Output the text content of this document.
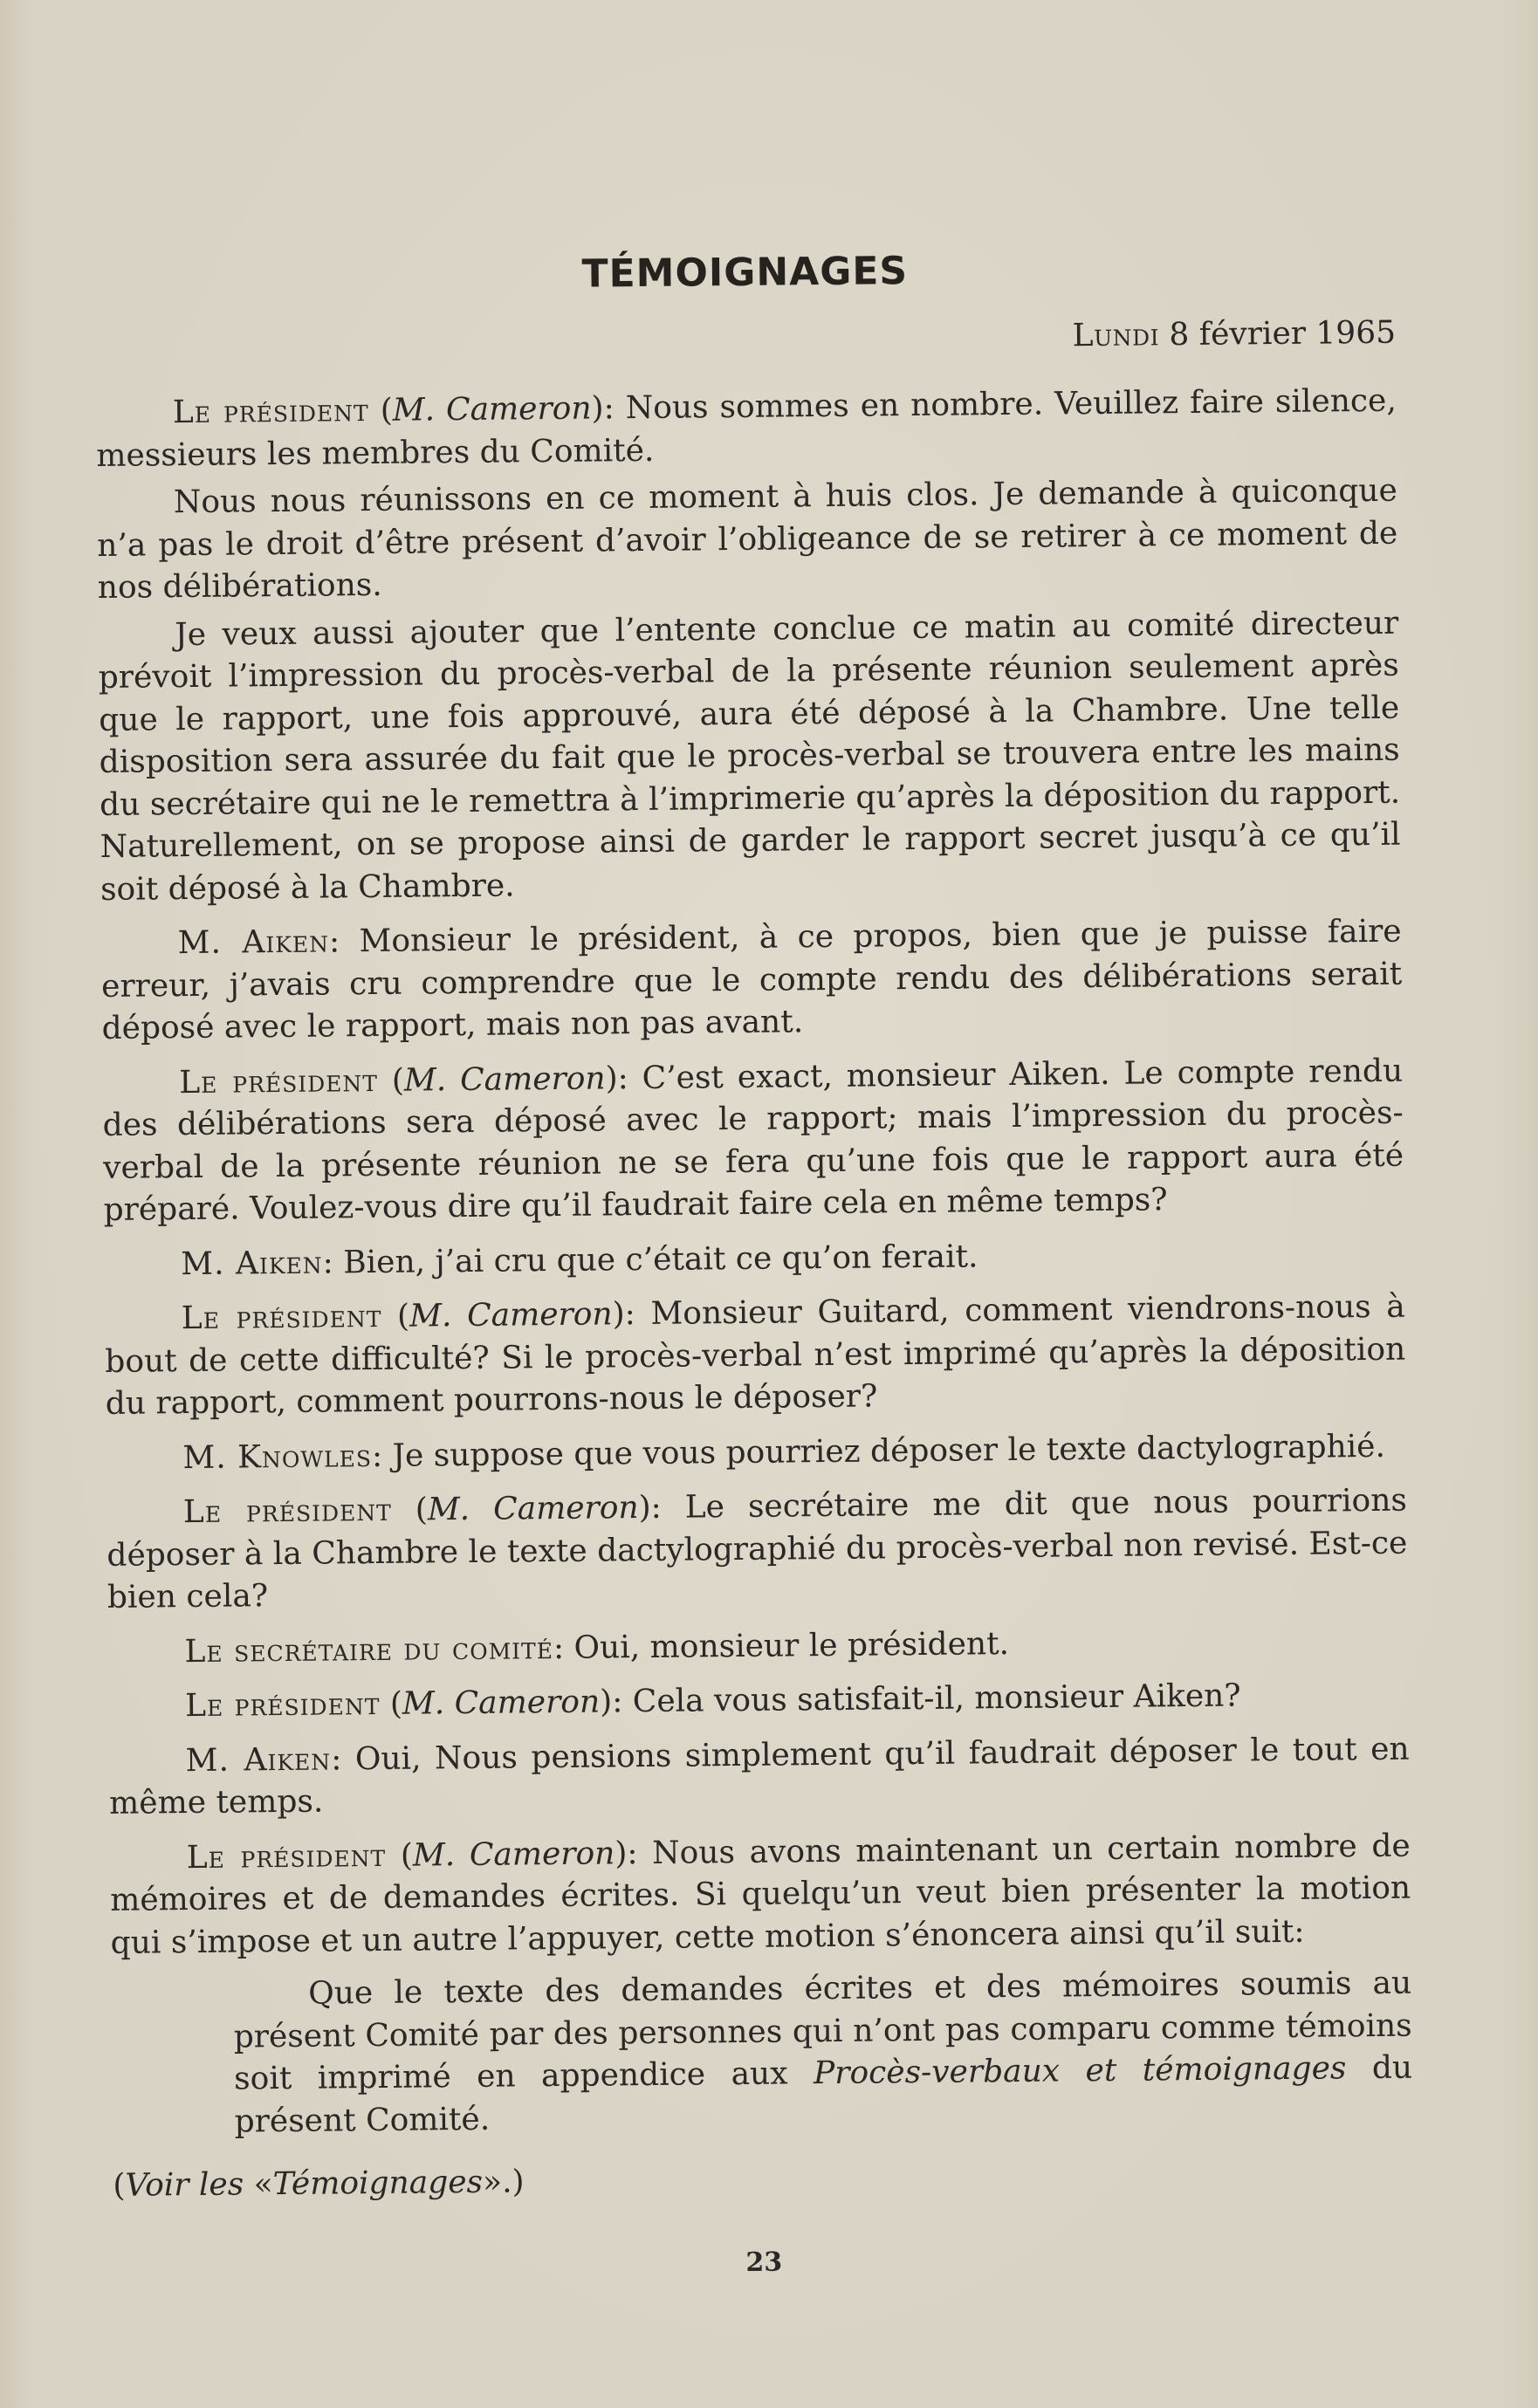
TÉMOIGNAGES
Lundi 8 février 1965

Le président (M. Cameron): Nous sommes en nombre. Veuillez faire silence, messieurs les membres du Comité.

Nous nous réunissons en ce moment à huis clos. Je demande à quiconque n’a pas le droit d’être présent d’avoir l’obligeance de se retirer à ce moment de nos délibérations.

Je veux aussi ajouter que l’entente conclue ce matin au comité directeur prévoit l’impression du procès-verbal de la présente réunion seulement après que le rapport, une fois approuvé, aura été déposé à la Chambre. Une telle disposition sera assurée du fait que le procès-verbal se trouvera entre les mains du secrétaire qui ne le remettra à l’imprimerie qu’après la déposition du rapport. Naturellement, on se propose ainsi de garder le rapport secret jusqu’à ce qu’il soit déposé à la Chambre.

M. Aiken: Monsieur le président, à ce propos, bien que je puisse faire erreur, j’avais cru comprendre que le compte rendu des délibérations serait déposé avec le rapport, mais non pas avant.

Le président (M. Cameron): C’est exact, monsieur Aiken. Le compte rendu des délibérations sera déposé avec le rapport; mais l’impression du procès-verbal de la présente réunion ne se fera qu’une fois que le rapport aura été préparé. Voulez-vous dire qu’il faudrait faire cela en même temps?

M. Aiken: Bien, j’ai cru que c’était ce qu’on ferait.

Le président (M. Cameron): Monsieur Guitard, comment viendrons-nous à bout de cette difficulté? Si le procès-verbal n’est imprimé qu’après la déposition du rapport, comment pourrons-nous le déposer?

M. Knowles: Je suppose que vous pourriez déposer le texte dactylographié.

Le président (M. Cameron): Le secrétaire me dit que nous pourrions déposer à la Chambre le texte dactylographié du procès-verbal non revisé. Est-ce bien cela?

Le secrétaire du comité: Oui, monsieur le président.

Le président (M. Cameron): Cela vous satisfait-il, monsieur Aiken?

M. Aiken: Oui, Nous pensions simplement qu’il faudrait déposer le tout en même temps.

Le président (M. Cameron): Nous avons maintenant un certain nombre de mémoires et de demandes écrites. Si quelqu’un veut bien présenter la motion qui s’impose et un autre l’appuyer, cette motion s’énoncera ainsi qu’il suit:

Que le texte des demandes écrites et des mémoires soumis au présent Comité par des personnes qui n’ont pas comparu comme témoins soit imprimé en appendice aux Procès-verbaux et témoignages du présent Comité.

(Voir les «Témoignages».)

23
